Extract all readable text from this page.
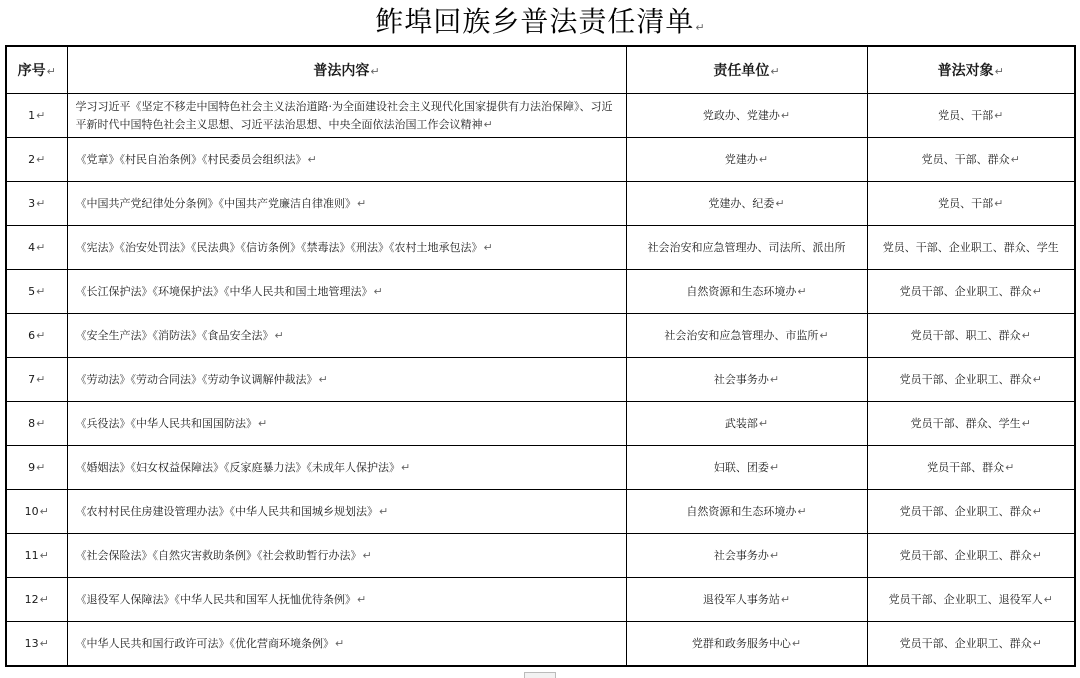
鲊埠回族乡普法责任清单↵
序号↵	普法内容↵	责任单位↵	普法对象↵
1↵	学习习近平《坚定不移走中国特色社会主义法治道路·为全面建设社会主义现代化国家提供有力法治保障》、习近平新时代中国特色社会主义思想、习近平法治思想、中央全面依法治国工作会议精神↵	党政办、党建办↵	党员、干部↵
2↵	《党章》《村民自治条例》《村民委员会组织法》↵	党建办↵	党员、干部、群众↵
3↵	《中国共产党纪律处分条例》《中国共产党廉洁自律准则》↵	党建办、纪委↵	党员、干部↵
4↵	《宪法》《治安处罚法》《民法典》《信访条例》《禁毒法》《刑法》《农村土地承包法》↵	社会治安和应急管理办、司法所、派出所	党员、干部、企业职工、群众、学生
5↵	《长江保护法》《环境保护法》《中华人民共和国土地管理法》↵	自然资源和生态环境办↵	党员干部、企业职工、群众↵
6↵	《安全生产法》《消防法》《食品安全法》↵	社会治安和应急管理办、市监所↵	党员干部、职工、群众↵
7↵	《劳动法》《劳动合同法》《劳动争议调解仲裁法》↵	社会事务办↵	党员干部、企业职工、群众↵
8↵	《兵役法》《中华人民共和国国防法》↵	武装部↵	党员干部、群众、学生↵
9↵	《婚姻法》《妇女权益保障法》《反家庭暴力法》《未成年人保护法》↵	妇联、团委↵	党员干部、群众↵
10↵	《农村村民住房建设管理办法》《中华人民共和国城乡规划法》↵	自然资源和生态环境办↵	党员干部、企业职工、群众↵
11↵	《社会保险法》《自然灾害救助条例》《社会救助暂行办法》↵	社会事务办↵	党员干部、企业职工、群众↵
12↵	《退役军人保障法》《中华人民共和国军人抚恤优待条例》↵	退役军人事务站↵	党员干部、企业职工、退役军人↵
13↵	《中华人民共和国行政许可法》《优化营商环境条例》↵	党群和政务服务中心↵	党员干部、企业职工、群众↵
